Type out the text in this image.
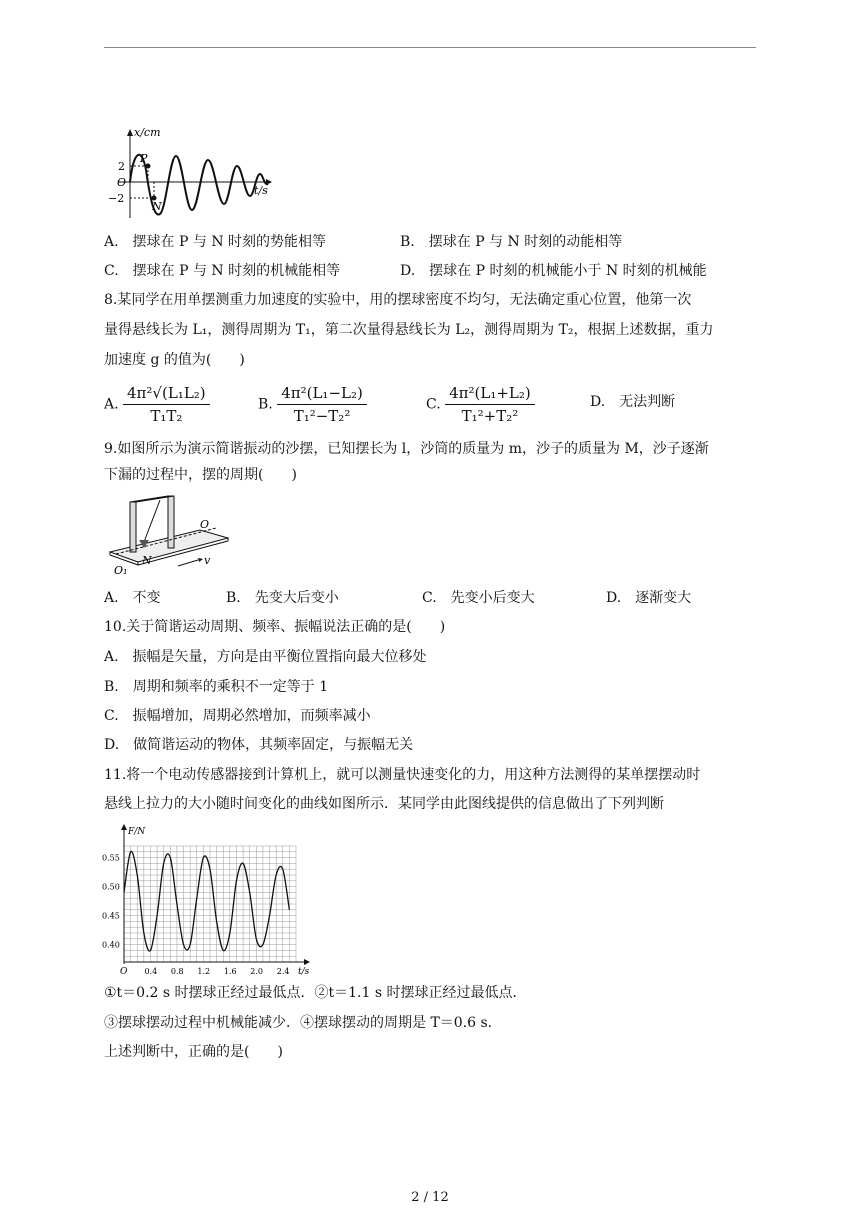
x/cm
t/s
2
−2
O
P
N
A.　摆球在 P 与 N 时刻的势能相等	B.　摆球在 P 与 N 时刻的动能相等
C.　摆球在 P 与 N 时刻的机械能相等	D.　摆球在 P 时刻的机械能小于 N 时刻的机械能
8.某同学在用单摆测重力加速度的实验中，用的摆球密度不均匀，无法确定重心位置，他第一次
量得悬线长为 L₁，测得周期为 T₁，第二次量得悬线长为 L₂，测得周期为 T₂，根据上述数据，重力
加速度 g 的值为(　　)
A. $\frac{\text{4π²√(L₁L₂)}}{\text{T₁T₂}}$	B. $\frac{\text{4π²(L₁−L₂)}}{\text{T₁²−T₂²}}$	C. $\frac{\text{4π²(L₁+L₂)}}{\text{T₁²+T₂²}}$	D.　无法判断
9.如图所示为演示简谐振动的沙摆，已知摆长为 l，沙筒的质量为 m，沙子的质量为 M，沙子逐渐
下漏的过程中，摆的周期(　　)
O
O₁
N	v
A.　不变	B.　先变大后变小	C.　先变小后变大	D.　逐渐变大
10.关于简谐运动周期、频率、振幅说法正确的是(　　)
A.　振幅是矢量，方向是由平衡位置指向最大位移处
B.　周期和频率的乘积不一定等于 1
C.　振幅增加，周期必然增加，而频率减小
D.　做简谐运动的物体，其频率固定，与振幅无关
11.将一个电动传感器接到计算机上，就可以测量快速变化的力，用这种方法测得的某单摆摆动时
悬线上拉力的大小随时间变化的曲线如图所示．某同学由此图线提供的信息做出了下列判断
0.55
0.50
0.45
0.40
0.4 0.8 1.2 1.6 2.0 2.4
F/N
t/s
O
①t＝0.2 s 时摆球正经过最低点．②t＝1.1 s 时摆球正经过最低点．
③摆球摆动过程中机械能减少．④摆球摆动的周期是 T＝0.6 s．
上述判断中，正确的是(　　)
2 / 12
